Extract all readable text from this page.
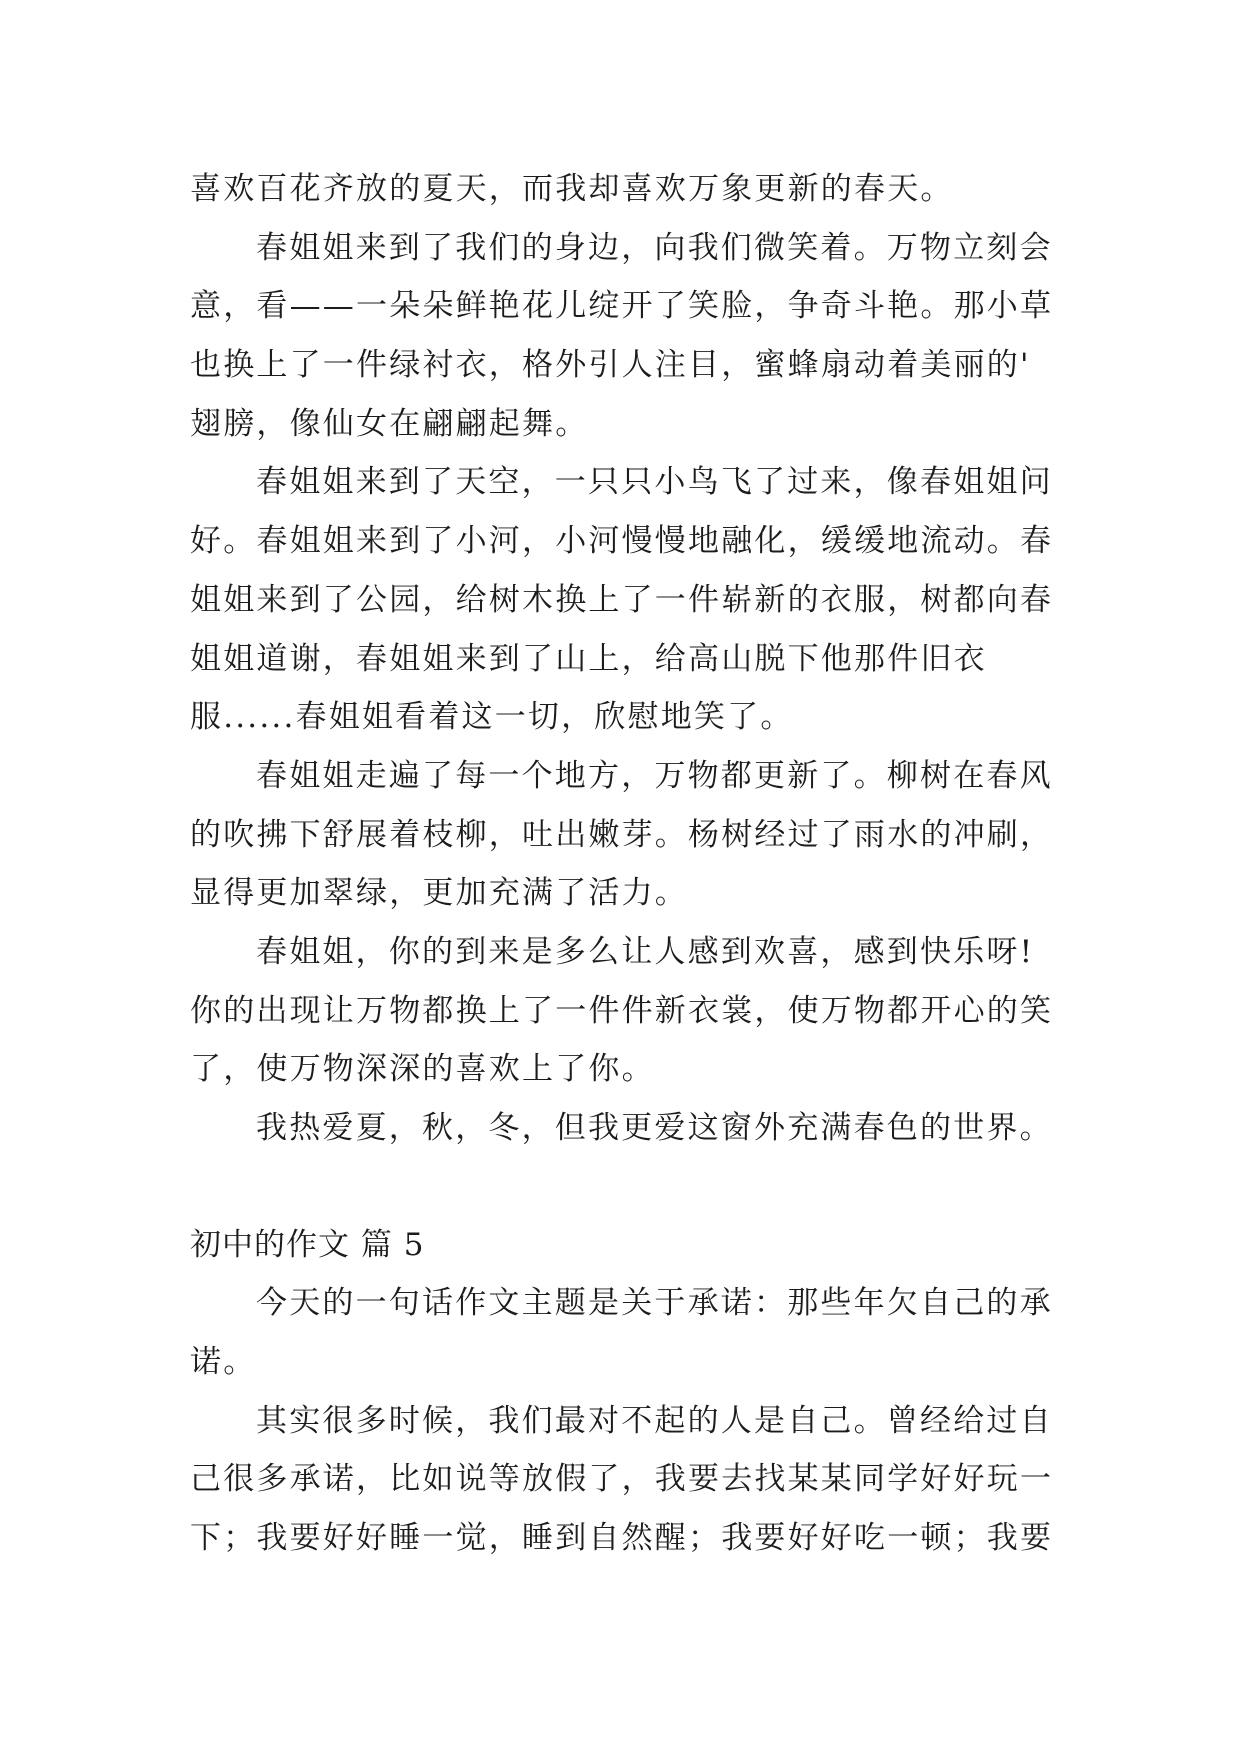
喜欢百花齐放的夏天，而我却喜欢万象更新的春天。
春姐姐来到了我们的身边，向我们微笑着。万物立刻会
意，看——一朵朵鲜艳花儿绽开了笑脸，争奇斗艳。那小草
也换上了一件绿衬衣，格外引人注目，蜜蜂扇动着美丽的'
翅膀，像仙女在翩翩起舞。
春姐姐来到了天空，一只只小鸟飞了过来，像春姐姐问
好。春姐姐来到了小河，小河慢慢地融化，缓缓地流动。春
姐姐来到了公园，给树木换上了一件崭新的衣服，树都向春
姐姐道谢，春姐姐来到了山上，给高山脱下他那件旧衣
服......春姐姐看着这一切，欣慰地笑了。
春姐姐走遍了每一个地方，万物都更新了。柳树在春风
的吹拂下舒展着枝柳，吐出嫩芽。杨树经过了雨水的冲刷，
显得更加翠绿，更加充满了活力。
春姐姐，你的到来是多么让人感到欢喜，感到快乐呀!
你的出现让万物都换上了一件件新衣裳，使万物都开心的笑
了，使万物深深的喜欢上了你。
我热爱夏，秋，冬，但我更爱这窗外充满春色的世界。
初中的作文 篇 5
今天的一句话作文主题是关于承诺：那些年欠自己的承
诺。
其实很多时候，我们最对不起的人是自己。曾经给过自
己很多承诺，比如说等放假了，我要去找某某同学好好玩一
下；我要好好睡一觉，睡到自然醒；我要好好吃一顿；我要
